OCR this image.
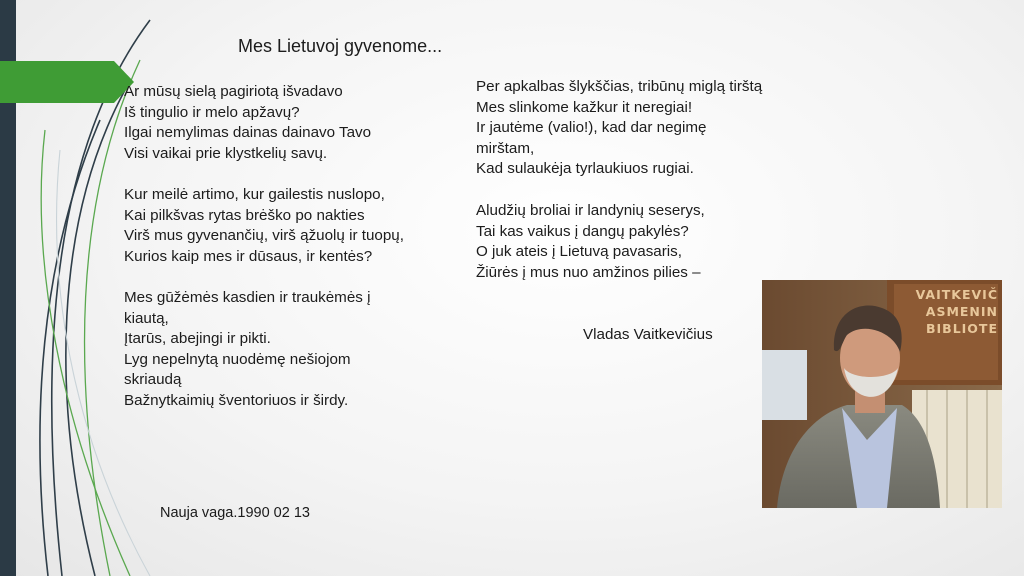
Mes Lietuvoj gyvenome...

Ar mūsų sielą pagiriotą išvadavo
Iš tingulio ir melo apžavų?
Ilgai nemylimas dainas dainavo Tavo
Visi vaikai prie klystkelių savų.

Kur meilė artimo, kur gailestis nuslopo,
Kai pilkšvas rytas brėško po nakties
Virš mus gyvenančių, virš ąžuolų ir tuopų,
Kurios kaip mes ir dūsaus, ir kentės?

Mes gūžėmės kasdien ir traukėmės į
kiautą,
Įtarūs, abejingi ir pikti.
Lyg nepelnytą nuodėmę nešiojom
skriaudą
Bažnytkaimių šventoriuos ir širdy.

Per apkalbas šlykščias, tribūnų miglą tirštą
Mes slinkome kažkur it neregiai!
Ir jautėme (valio!), kad dar negimę
mirštam,
Kad sulaukėja tyrlaukiuos rugiai.

Aludžių broliai ir landynių seserys,
Tai kas vaikus į dangų pakylės?
O juk ateis į Lietuvą pavasaris,
Žiūrės į mus nuo amžinos pilies –

Vladas Vaitkevičius
Nauja vaga.1990 02 13
VAITKEVIČ
ASMENIN
BIBLIOTE
